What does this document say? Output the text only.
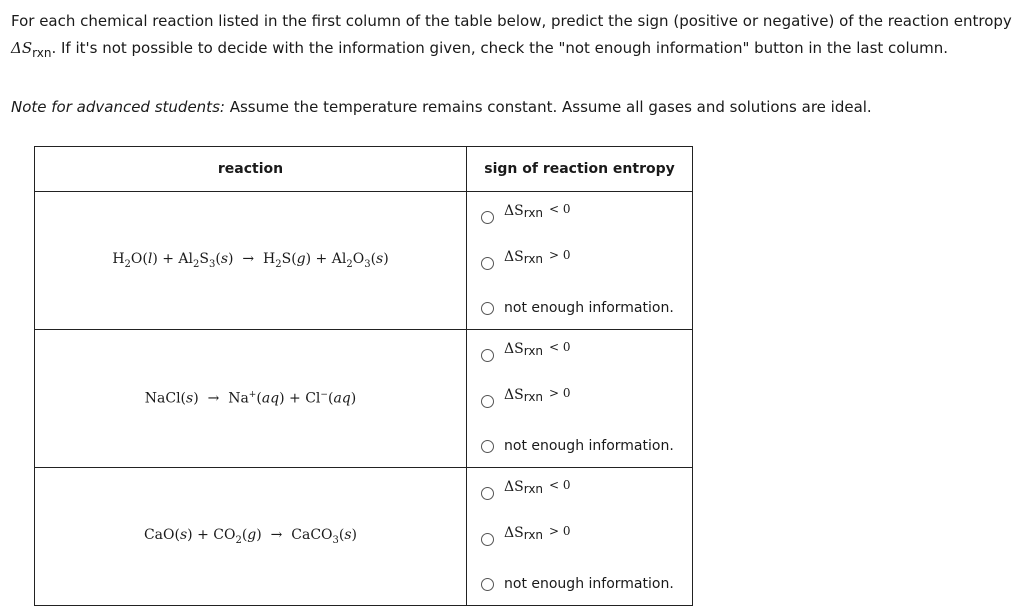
For each chemical reaction listed in the first column of the table below, predict the sign (positive or negative) of the reaction entropy $\Delta S_{rxn}$. If it's not possible to decide with the information given, check the "not enough information" button in the last column.
Note for advanced students: Assume the temperature remains constant. Assume all gases and solutions are ideal.
reaction	sign of reaction entropy
$H_2O(l) + Al_2S_3(s) \to H_2S(g) + Al_2O_3(s)$	ΔSrxn < 0
ΔSrxn > 0
not enough information.

NaCl(s)  →  Na+(aq) + Cl−(aq)	ΔSrxn < 0
ΔSrxn > 0
not enough information.

$CaO(s) + CO_2(g)$  →  CaCO$_3$(s)	ΔSrxn < 0
ΔSrxn > 0
not enough information.
